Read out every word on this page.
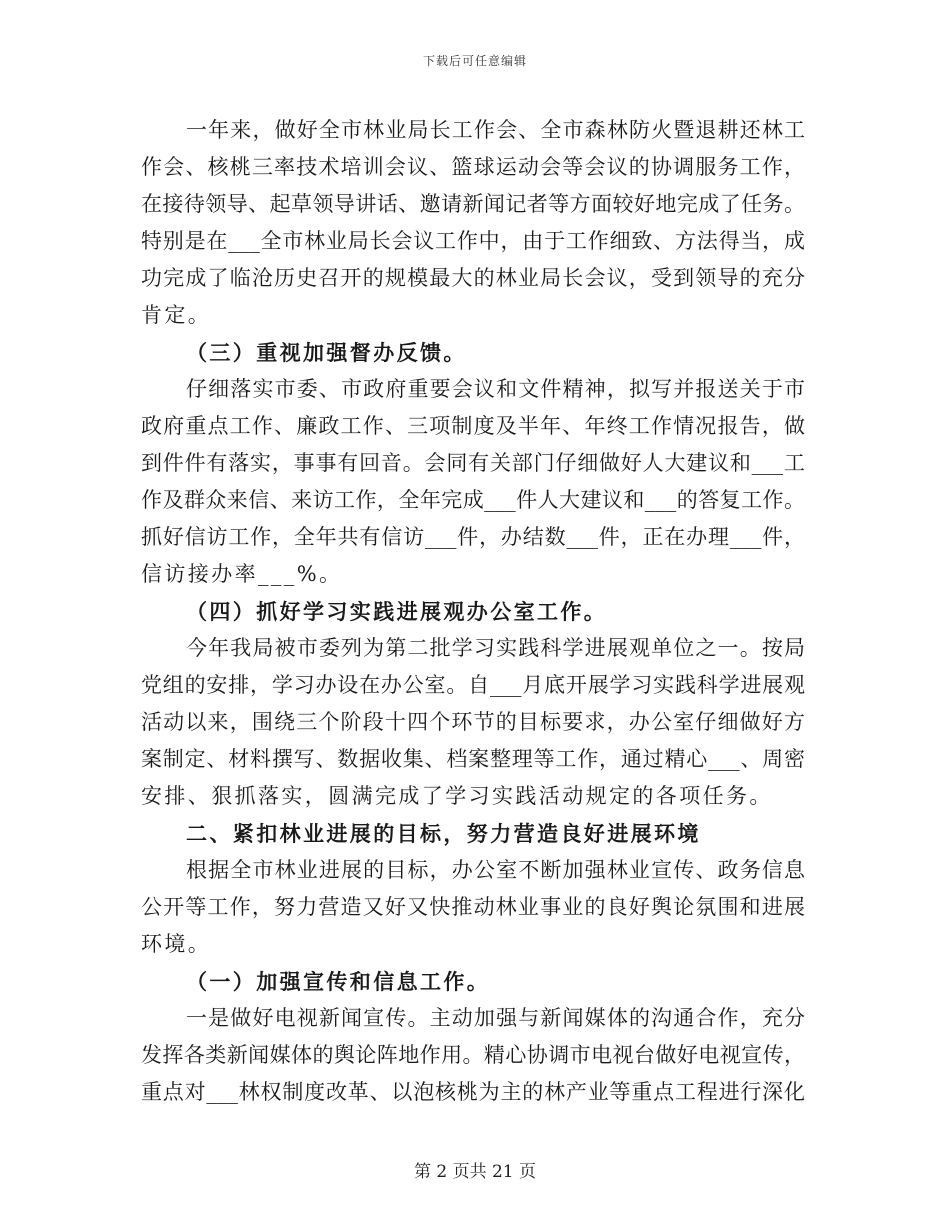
下载后可任意编辑
一年来，做好全市林业局长工作会、全市森林防火暨退耕还林工
作会、核桃三率技术培训会议、篮球运动会等会议的协调服务工作，
在接待领导、起草领导讲话、邀请新闻记者等方面较好地完成了任务。
特别是在___全市林业局长会议工作中，由于工作细致、方法得当，成
功完成了临沧历史召开的规模最大的林业局长会议，受到领导的充分
肯定。
（三）重视加强督办反馈。
仔细落实市委、市政府重要会议和文件精神，拟写并报送关于市
政府重点工作、廉政工作、三项制度及半年、年终工作情况报告，做
到件件有落实，事事有回音。会同有关部门仔细做好人大建议和___工
作及群众来信、来访工作，全年完成___件人大建议和___的答复工作。
抓好信访工作，全年共有信访___件，办结数___件，正在办理___件，
信访接办率___%。
（四）抓好学习实践进展观办公室工作。
今年我局被市委列为第二批学习实践科学进展观单位之一。按局
党组的安排，学习办设在办公室。自___月底开展学习实践科学进展观
活动以来，围绕三个阶段十四个环节的目标要求，办公室仔细做好方
案制定、材料撰写、数据收集、档案整理等工作，通过精心___、周密
安排、狠抓落实，圆满完成了学习实践活动规定的各项任务。
二、紧扣林业进展的目标，努力营造良好进展环境
根据全市林业进展的目标，办公室不断加强林业宣传、政务信息
公开等工作，努力营造又好又快推动林业事业的良好舆论氛围和进展
环境。
（一）加强宣传和信息工作。
一是做好电视新闻宣传。主动加强与新闻媒体的沟通合作，充分
发挥各类新闻媒体的舆论阵地作用。精心协调市电视台做好电视宣传，
重点对___林权制度改革、以泡核桃为主的林产业等重点工程进行深化
第 2 页共 21 页
